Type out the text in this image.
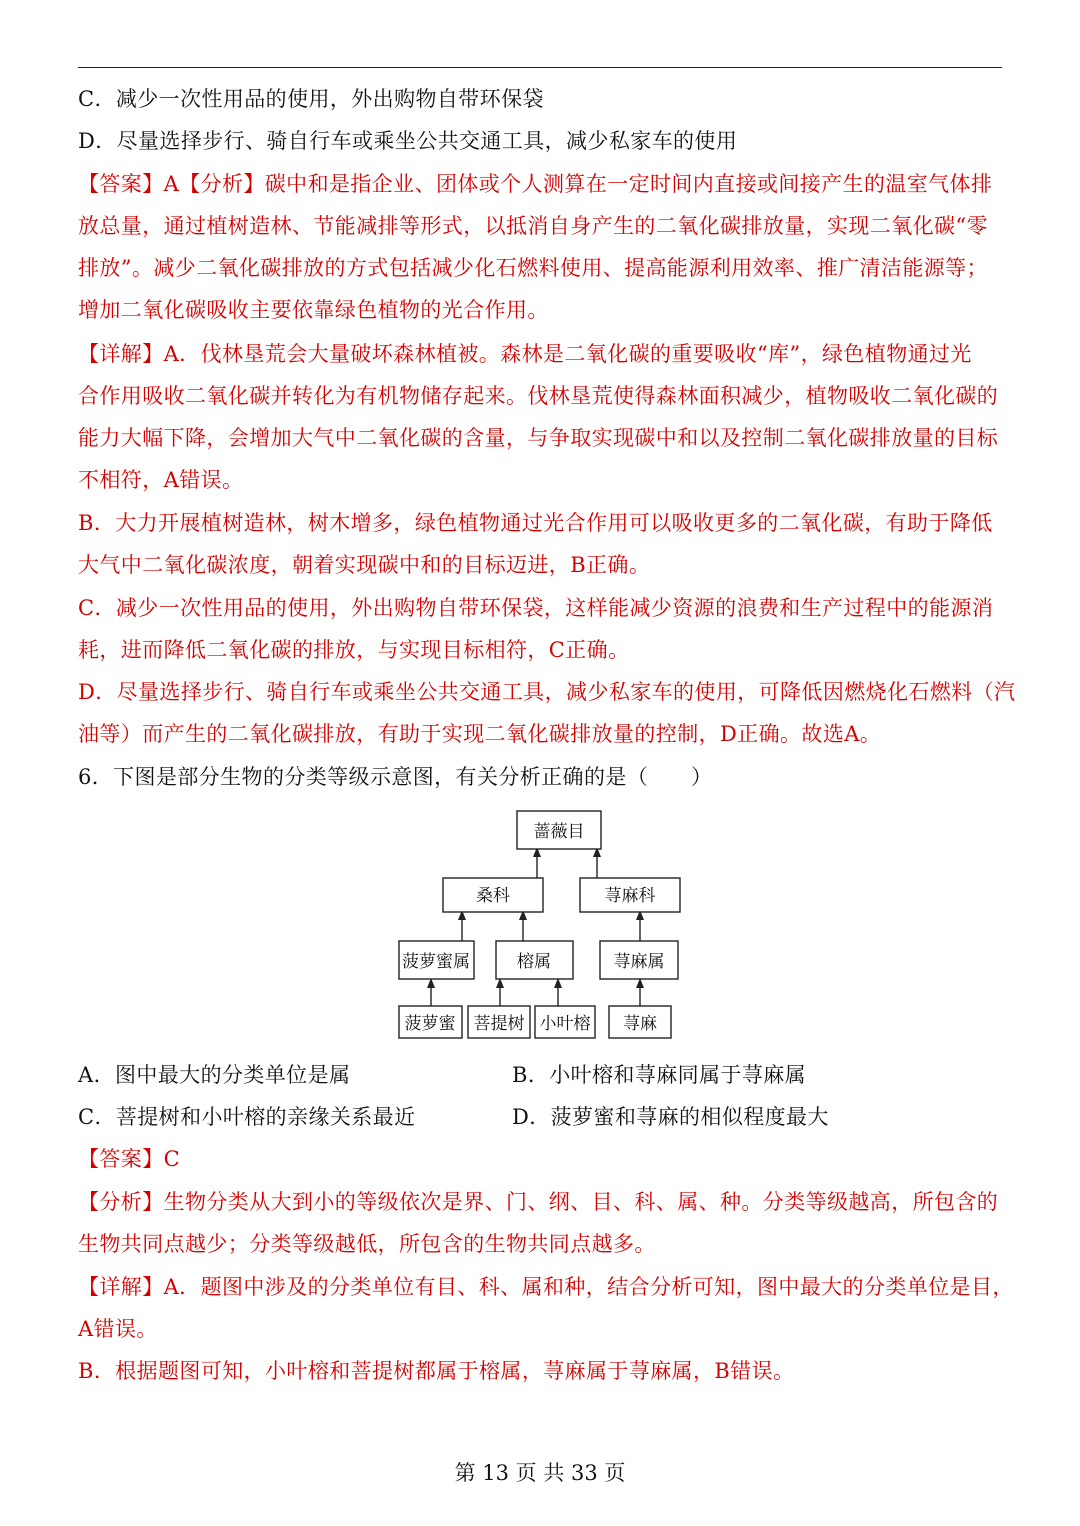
C．减少一次性用品的使用，外出购物自带环保袋
D．尽量选择步行、骑自行车或乘坐公共交通工具，减少私家车的使用
【答案】A【分析】碳中和是指企业、团体或个人测算在一定时间内直接或间接产生的温室气体排
放总量，通过植树造林、节能减排等形式，以抵消自身产生的二氧化碳排放量，实现二氧化碳“零
排放”。减少二氧化碳排放的方式包括减少化石燃料使用、提高能源利用效率、推广清洁能源等；
增加二氧化碳吸收主要依靠绿色植物的光合作用。
【详解】A．伐林垦荒会大量破坏森林植被。森林是二氧化碳的重要吸收“库”，绿色植物通过光
合作用吸收二氧化碳并转化为有机物储存起来。伐林垦荒使得森林面积减少，植物吸收二氧化碳的
能力大幅下降，会增加大气中二氧化碳的含量，与争取实现碳中和以及控制二氧化碳排放量的目标
不相符，A错误。
B．大力开展植树造林，树木增多，绿色植物通过光合作用可以吸收更多的二氧化碳，有助于降低
大气中二氧化碳浓度，朝着实现碳中和的目标迈进，B正确。
C．减少一次性用品的使用，外出购物自带环保袋，这样能减少资源的浪费和生产过程中的能源消
耗，进而降低二氧化碳的排放，与实现目标相符，C正确。
D．尽量选择步行、骑自行车或乘坐公共交通工具，减少私家车的使用，可降低因燃烧化石燃料（汽
油等）而产生的二氧化碳排放，有助于实现二氧化碳排放量的控制，D正确。故选A。
6．下图是部分生物的分类等级示意图，有关分析正确的是（　　）
蔷薇目
桑科	荨麻科
菠萝蜜属	榕属	荨麻属
菠萝蜜 菩提树 小叶榕 荨麻
A．图中最大的分类单位是属	B．小叶榕和荨麻同属于荨麻属
C．菩提树和小叶榕的亲缘关系最近	D．菠萝蜜和荨麻的相似程度最大
【答案】C
【分析】生物分类从大到小的等级依次是界、门、纲、目、科、属、种。分类等级越高，所包含的
生物共同点越少；分类等级越低，所包含的生物共同点越多。
【详解】A．题图中涉及的分类单位有目、科、属和种，结合分析可知，图中最大的分类单位是目，
A错误。
B．根据题图可知，小叶榕和菩提树都属于榕属，荨麻属于荨麻属，B错误。
第 13 页 共 33 页
